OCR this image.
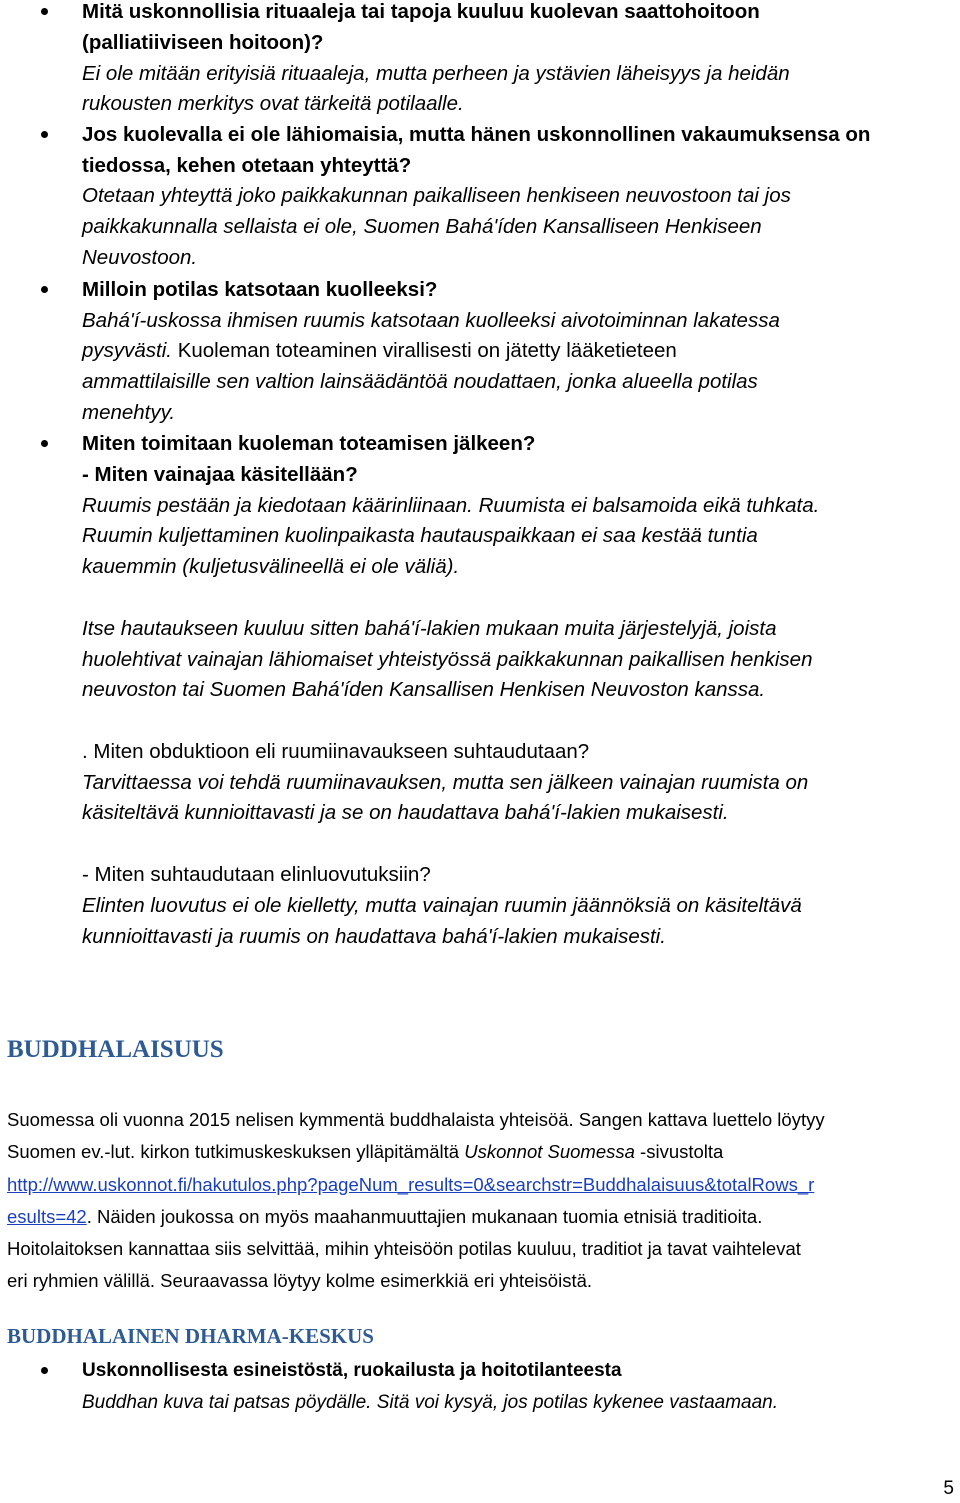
Mitä uskonnollisia rituaaleja tai tapoja kuuluu kuolevan saattohoitoon

(palliatiiviseen hoitoon)?

Ei ole mitään erityisiä rituaaleja, mutta perheen ja ystävien läheisyys ja heidän

rukousten merkitys ovat tärkeitä potilaalle.

Jos kuolevalla ei ole lähiomaisia, mutta hänen uskonnollinen vakaumuksensa on

tiedossa, kehen otetaan yhteyttä?

Otetaan yhteyttä joko paikkakunnan paikalliseen henkiseen neuvostoon tai jos

paikkakunnalla sellaista ei ole, Suomen Bahá'íden Kansalliseen Henkiseen

Neuvostoon.

Milloin potilas katsotaan kuolleeksi?

Bahá'í-uskossa ihmisen ruumis katsotaan kuolleeksi aivotoiminnan lakatessa

pysyvästi. Kuoleman toteaminen virallisesti on jätetty lääketieteen

ammattilaisille sen valtion lainsäädäntöä noudattaen, jonka alueella potilas

menehtyy.

Miten toimitaan kuoleman toteamisen jälkeen?

- Miten vainajaa käsitellään?

Ruumis pestään ja kiedotaan käärinliinaan. Ruumista ei balsamoida eikä tuhkata.

Ruumin kuljettaminen kuolinpaikasta hautauspaikkaan ei saa kestää tuntia

kauemmin (kuljetusvälineellä ei ole väliä).

Itse hautaukseen kuuluu sitten bahá'í-lakien mukaan muita järjestelyjä, joista

huolehtivat vainajan lähiomaiset yhteistyössä paikkakunnan paikallisen henkisen

neuvoston tai Suomen Bahá'íden Kansallisen Henkisen Neuvoston kanssa.

. Miten obduktioon eli ruumiinavaukseen suhtaudutaan?

Tarvittaessa voi tehdä ruumiinavauksen, mutta sen jälkeen vainajan ruumista on

käsiteltävä kunnioittavasti ja se on haudattava bahá'í-lakien mukaisesti.

- Miten suhtaudutaan elinluovutuksiin?

Elinten luovutus ei ole kielletty, mutta vainajan ruumin jäännöksiä on käsiteltävä

kunnioittavasti ja ruumis on haudattava bahá'í-lakien mukaisesti.

BUDDHALAISUUS

Suomessa oli vuonna 2015 nelisen kymmentä buddhalaista yhteisöä. Sangen kattava luettelo löytyy

Suomen ev.-lut. kirkon tutkimuskeskuksen ylläpitämältä Uskonnot Suomessa -sivustolta

http://www.uskonnot.fi/hakutulos.php?pageNum_results=0&searchstr=Buddhalaisuus&totalRows_r

esults=42. Näiden joukossa on myös maahanmuuttajien mukanaan tuomia etnisiä traditioita.

Hoitolaitoksen kannattaa siis selvittää, mihin yhteisöön potilas kuuluu, traditiot ja tavat vaihtelevat

eri ryhmien välillä. Seuraavassa löytyy kolme esimerkkiä eri yhteisöistä.

BUDDHALAINEN DHARMA-KESKUS

Uskonnollisesta esineistöstä, ruokailusta ja hoitotilanteesta

Buddhan kuva tai patsas pöydälle. Sitä voi kysyä, jos potilas kykenee vastaamaan.

5
